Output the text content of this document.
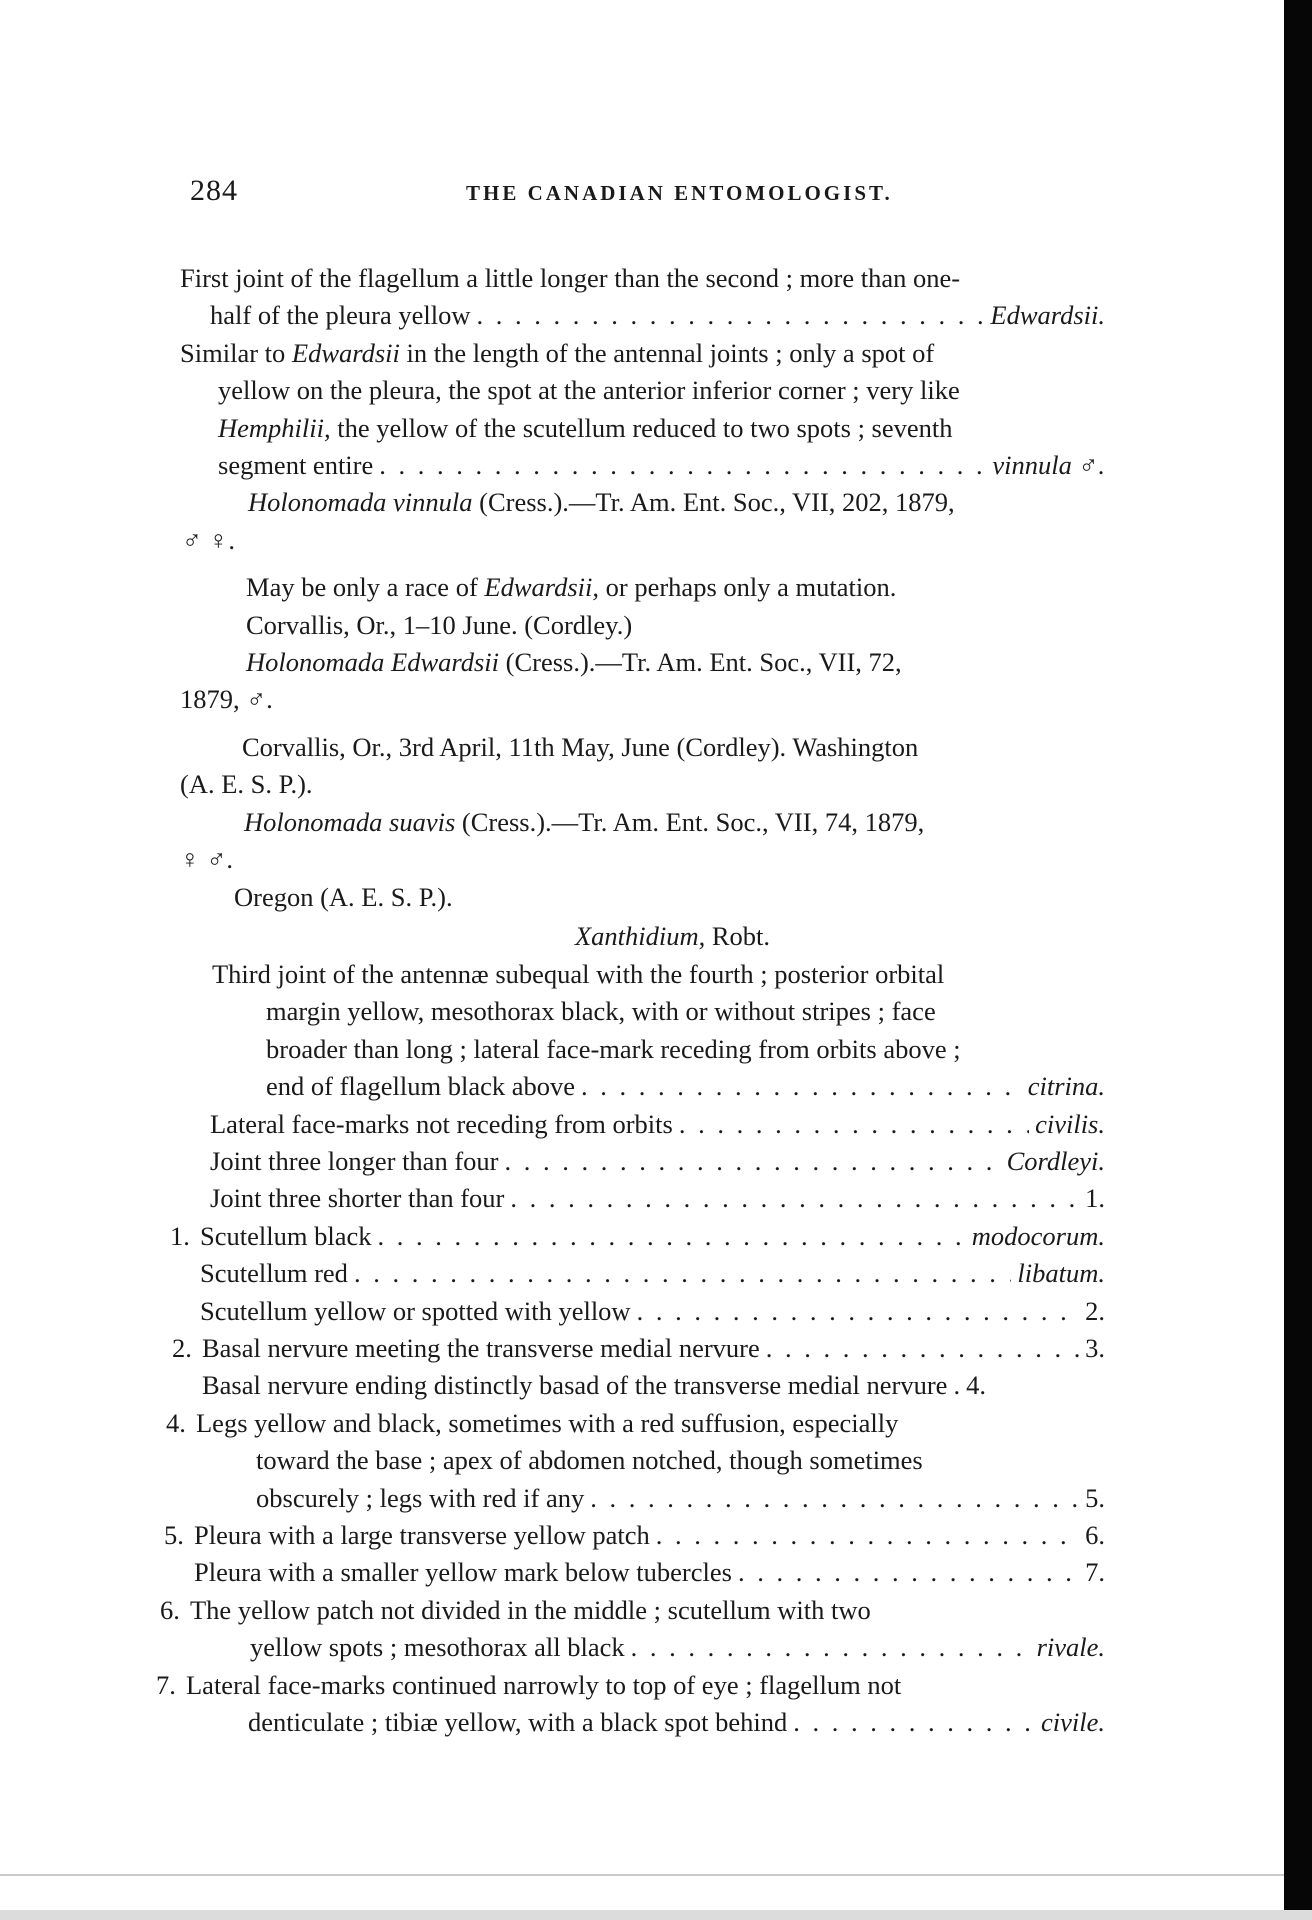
284	THE CANADIAN ENTOMOLOGIST.
First joint of the flagellum a little longer than the second ; more than one-
half of the pleura yellow . . .	Edwardsii.
Similar to Edwardsii in the length of the antennal joints ; only a spot of
yellow on the pleura, the spot at the anterior inferior corner ; very like
Hemphilii, the yellow of the scutellum reduced to two spots ; seventh
segment entire . . .	vinnula ♂.
Holonomada vinnula (Cress.).—Tr. Am. Ent. Soc., VII, 202, 1879,
♂ ♀.
May be only a race of Edwardsii, or perhaps only a mutation.
Corvallis, Or., 1–10 June. (Cordley.)
Holonomada Edwardsii (Cress.).—Tr. Am. Ent. Soc., VII, 72,
1879, ♂.
Corvallis, Or., 3rd April, 11th May, June (Cordley). Washington
(A. E. S. P.).
Holonomada suavis (Cress.).—Tr. Am. Ent. Soc., VII, 74, 1879,
♀ ♂.
Oregon (A. E. S. P.).
Xanthidium, Robt.
Third joint of the antennæ subequal with the fourth ; posterior orbital
margin yellow, mesothorax black, with or without stripes ; face
broader than long ; lateral face-mark receding from orbits above ;
end of flagellum black above . . .	citrina.
Lateral face-marks not receding from orbits . . .	civilis.
Joint three longer than four . . .	Cordleyi.
Joint three shorter than four . . .	1.
1. Scutellum black . . .	modocorum.
Scutellum red . . .	libatum.
Scutellum yellow or spotted with yellow . . .	2.
2. Basal nervure meeting the transverse medial nervure . . .	3.
Basal nervure ending distinctly basad of the transverse medial nervure . 4.
4. Legs yellow and black, sometimes with a red suffusion, especially
toward the base ; apex of abdomen notched, though sometimes
obscurely ; legs with red if any . . .	5.
5. Pleura with a large transverse yellow patch . . .	6.
Pleura with a smaller yellow mark below tubercles . . .	7.
6. The yellow patch not divided in the middle ; scutellum with two
yellow spots ; mesothorax all black . . .	rivale.
7. Lateral face-marks continued narrowly to top of eye ; flagellum not
denticulate ; tibiæ yellow, with a black spot behind . . .	civile.
